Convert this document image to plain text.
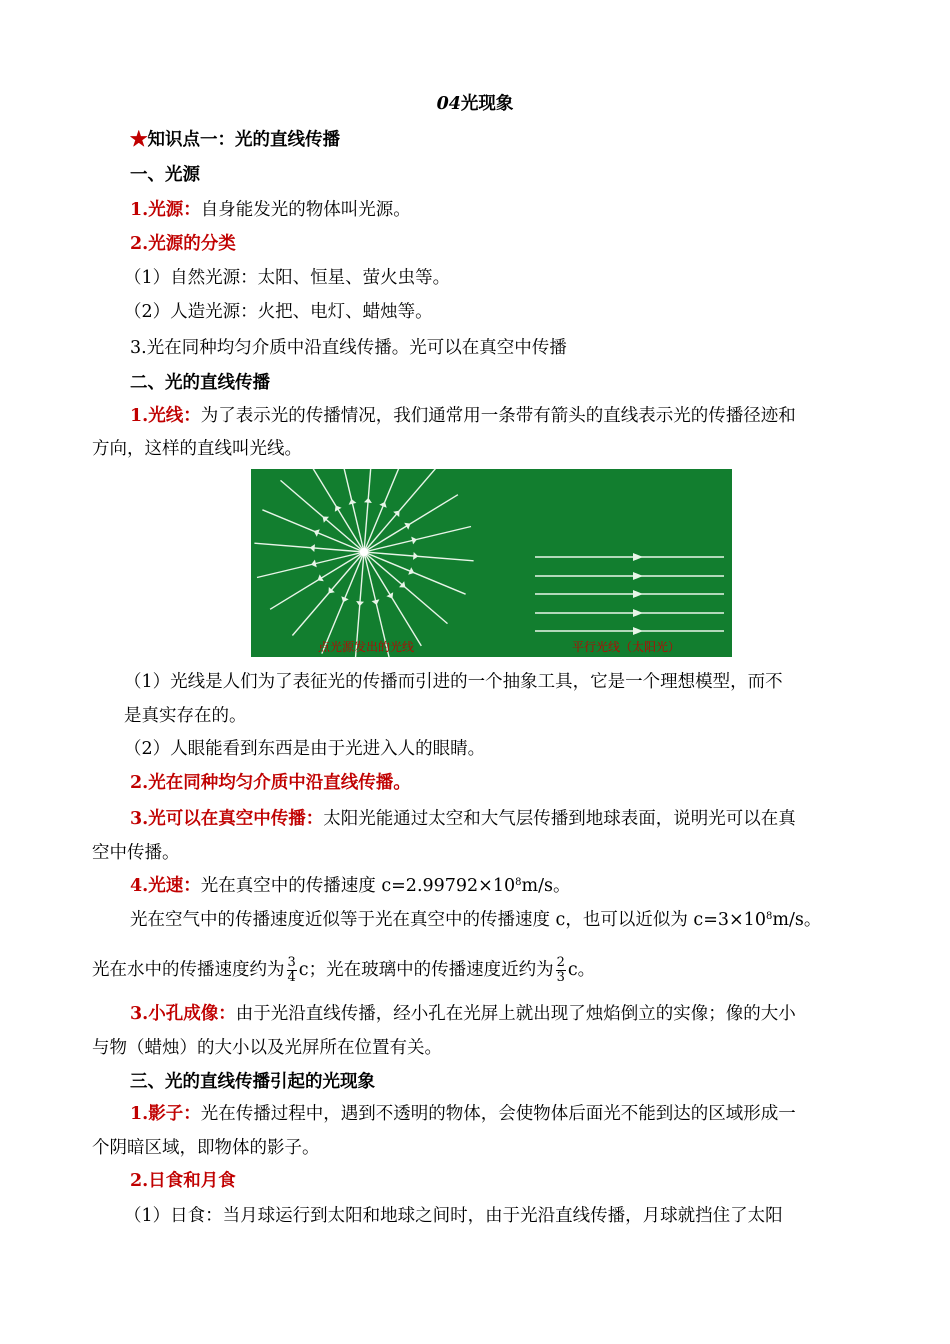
04光现象
★知识点一：光的直线传播
一、光源
1.光源：自身能发光的物体叫光源。
2.光源的分类
（1）自然光源：太阳、恒星、萤火虫等。
（2）人造光源：火把、电灯、蜡烛等。
3.光在同种均匀介质中沿直线传播。光可以在真空中传播
二、光的直线传播
1.光线：为了表示光的传播情况，我们通常用一条带有箭头的直线表示光的传播径迹和
方向，这样的直线叫光线。
点光源发出的光线	平行光线（太阳光）
（1）光线是人们为了表征光的传播而引进的一个抽象工具，它是一个理想模型，而不
是真实存在的。
（2）人眼能看到东西是由于光进入人的眼睛。
2.光在同种均匀介质中沿直线传播。
3.光可以在真空中传播：太阳光能通过太空和大气层传播到地球表面，说明光可以在真
空中传播。
4.光速：光在真空中的传播速度 $c=2.99792\times 10^8m/s$。
光在空气中的传播速度近似等于光在真空中的传播速度 c，也可以近似为 $c=3\times 10^8m/s$。
光在水中的传播速度约为 $\frac{3}{4}$ c；光在玻璃中的传播速度近约为 $\frac{2}{3}$ c。
3.小孔成像：由于光沿直线传播，经小孔在光屏上就出现了烛焰倒立的实像；像的大小
与物（蜡烛）的大小以及光屏所在位置有关。
三、光的直线传播引起的光现象
1.影子：光在传播过程中，遇到不透明的物体，会使物体后面光不能到达的区域形成一
个阴暗区域，即物体的影子。
2.日食和月食
（1）日食：当月球运行到太阳和地球之间时，由于光沿直线传播，月球就挡住了太阳
